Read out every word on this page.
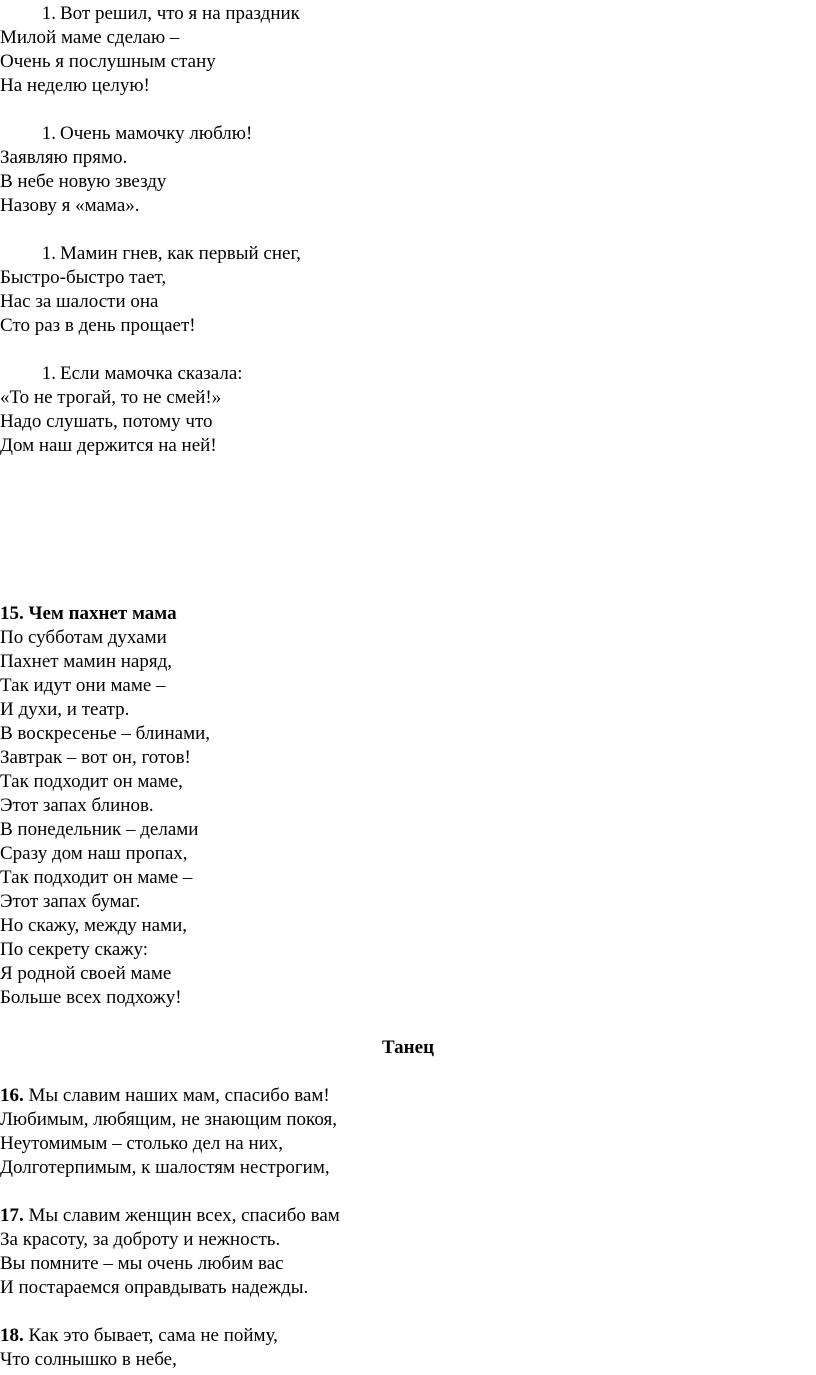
1. Вот решил, что я на праздник
Милой маме сделаю –
Очень я послушным стану
На неделю целую!
1. Очень мамочку люблю!
Заявляю прямо.
В небе новую звезду
Назову я «мама».
1. Мамин гнев, как первый снег,
Быстро-быстро тает,
Нас за шалости она
Сто раз в день прощает!
1. Если мамочка сказала:
«То не трогай, то не смей!»
Надо слушать, потому что
Дом наш держится на ней!
15. Чем пахнет мама
По субботам духами
Пахнет мамин наряд,
Так идут они маме –
И духи, и театр.
В воскресенье – блинами,
Завтрак – вот он, готов!
Так подходит он маме,
Этот запах блинов.
В понедельник – делами
Сразу дом наш пропах,
Так подходит он маме –
Этот запах бумаг.
Но скажу, между нами,
По секрету скажу:
Я родной своей маме
Больше всех подхожу!
Танец
16. Мы славим наших мам, спасибо вам!
Любимым, любящим, не знающим покоя,
Неутомимым – столько дел на них,
Долготерпимым, к шалостям нестрогим,
17. Мы славим женщин всех, спасибо вам
За красоту, за доброту и нежность.
Вы помните – мы очень любим вас
И постараемся оправдывать надежды.
18. Как это бывает, сама не пойму,
Что солнышко в небе,
